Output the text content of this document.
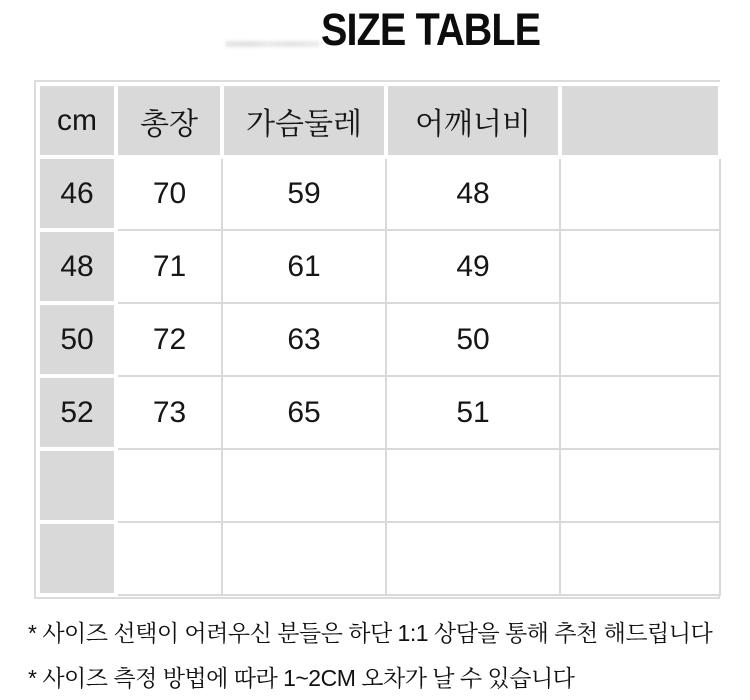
SIZE TABLE
cm	총장	가슴둘레	어깨너비	
46	70	59	48	
48	71	61	49	
50	72	63	50	
52	73	65	51	

* 사이즈 선택이 어려우신 분들은 하단 1:1 상담을 통해 추천 해드립니다
* 사이즈 측정 방법에 따라 1~2CM 오차가 날 수 있습니다
